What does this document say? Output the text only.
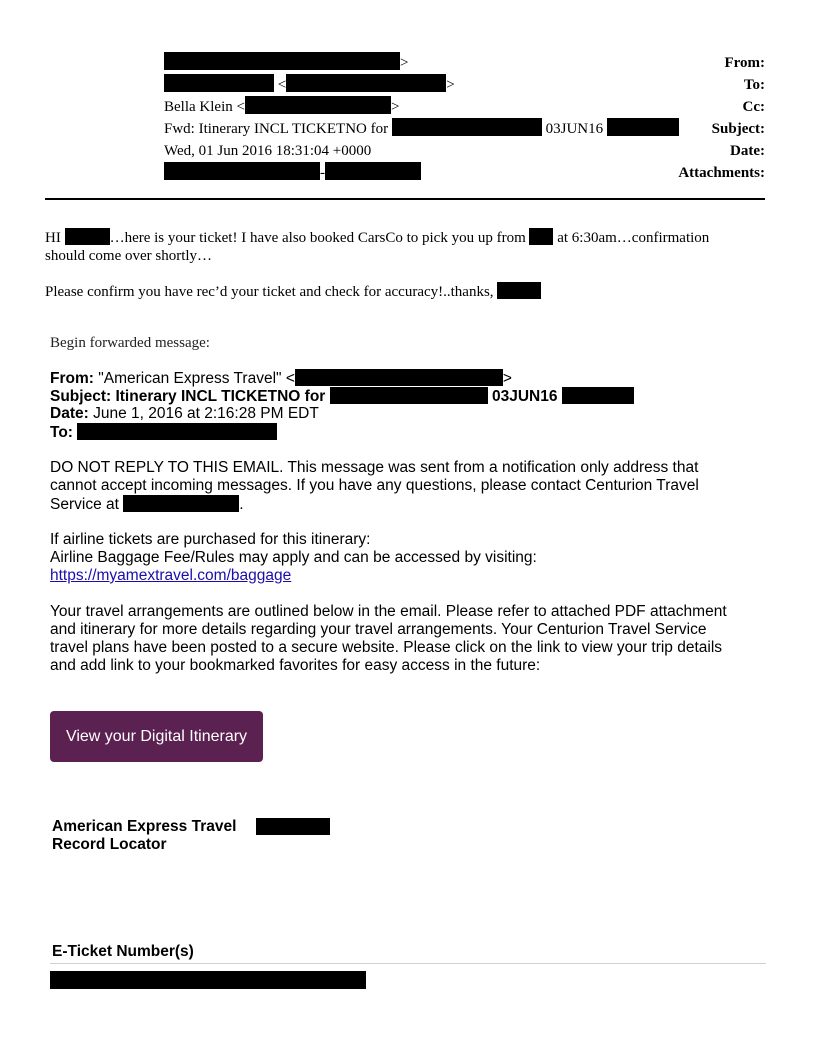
From:
>
To:
<	>
Cc:
Bella Klein <	>
Subject:
Fwd: Itinerary INCL TICKETNO for	03JUN16
Date:
Wed, 01 Jun 2016 18:31:04 +0000
Attachments:
-
HI	…here is your ticket! I have also booked CarsCo to pick you up from at 6:30am…confirmation
should come over shortly…
Please confirm you have rec’d your ticket and check for accuracy!..thanks,
Begin forwarded message:
From: "American Express Travel" <	>
Subject: Itinerary INCL TICKETNO for	03JUN16
Date: June 1, 2016 at 2:16:28 PM EDT
To:
DO NOT REPLY TO THIS EMAIL. This message was sent from a notification only address that
cannot accept incoming messages. If you have any questions, please contact Centurion Travel
Service at	.
If airline tickets are purchased for this itinerary:
Airline Baggage Fee/Rules may apply and can be accessed by visiting:
https://myamextravel.com/baggage
Your travel arrangements are outlined below in the email. Please refer to attached PDF attachment
and itinerary for more details regarding your travel arrangements. Your Centurion Travel Service
travel plans have been posted to a secure website. Please click on the link to view your trip details
and add link to your bookmarked favorites for easy access in the future:
View your Digital Itinerary
American Express Travel
Record Locator
E-Ticket Number(s)
